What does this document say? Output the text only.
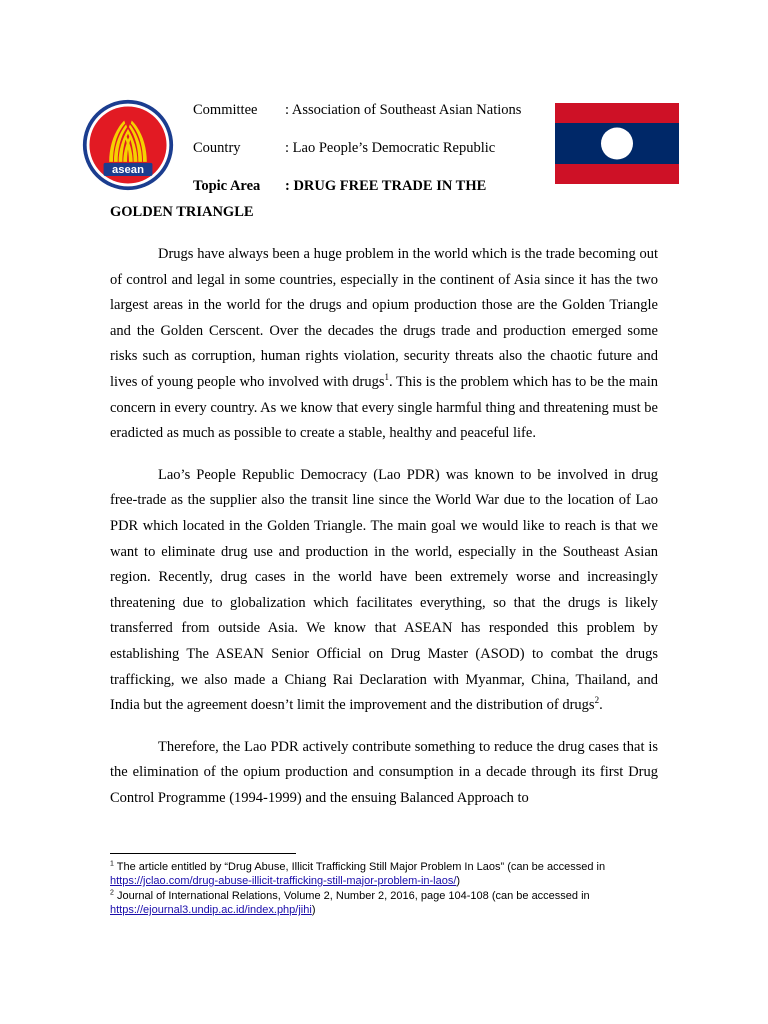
asean
Committee : Association of Southeast Asian Nations
Country	: Lao People’s Democratic Republic
Topic Area : DRUG FREE TRADE IN THE
GOLDEN TRIANGLE

Drugs have always been a huge problem in the world which is the trade becoming out of control and legal in some countries, especially in the continent of Asia since it has the two largest areas in the world for the drugs and opium production those are the Golden Triangle and the Golden Cerscent. Over the decades the drugs trade and production emerged some risks such as corruption, human rights violation, security threats also the chaotic future and lives of young people who involved with drugs$^1$. This is the problem which has to be the main concern in every country. As we know that every single harmful thing and threatening must be eradicted as much as possible to create a stable, healthy and peaceful life.

Lao’s People Republic Democracy (Lao PDR) was known to be involved in drug free-trade as the supplier also the transit line since the World War due to the location of Lao PDR which located in the Golden Triangle. The main goal we would like to reach is that we want to eliminate drug use and production in the world, especially in the Southeast Asian region. Recently, drug cases in the world have been extremely worse and increasingly threatening due to globalization which facilitates everything, so that the drugs is likely transferred from outside Asia. We know that ASEAN has responded this problem by establishing The ASEAN Senior Official on Drug Master (ASOD) to combat the drugs trafficking, we also made a Chiang Rai Declaration with Myanmar, China, Thailand, and India but the agreement doesn’t limit the improvement and the distribution of drugs$^2$.

Therefore, the Lao PDR actively contribute something to reduce the drug cases that is the elimination of the opium production and consumption in a decade through its first Drug Control Programme (1994-1999) and the ensuing Balanced Approach to

$^1$ The article entitled by “Drug Abuse, Illicit Trafficking Still Major Problem In Laos” (can be accessed in https://jclao.com/drug-abuse-illicit-trafficking-still-major-problem-in-laos/)

$^2$ Journal of International Relations, Volume 2, Number 2, 2016, page 104-108 (can be accessed in https://ejournal3.undip.ac.id/index.php/jihi)
